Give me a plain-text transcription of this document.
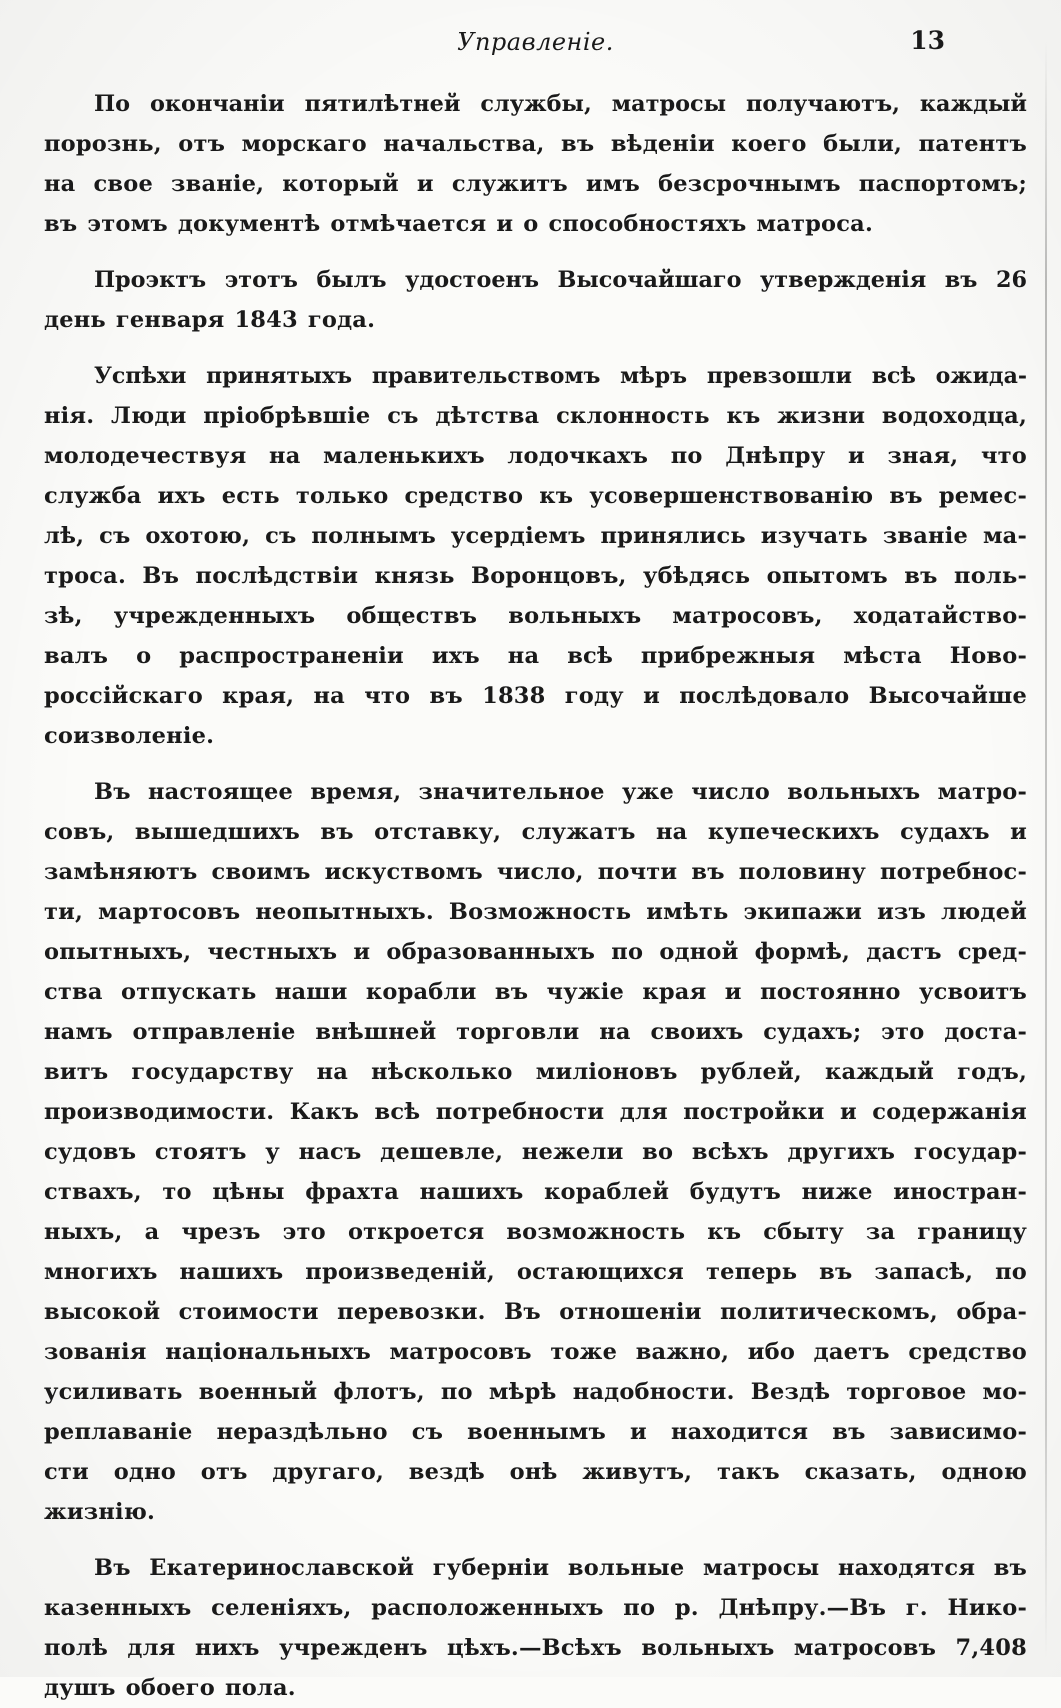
Управленіе.	13

По окончаніи пятилѣтней службы, матросы получаютъ, каждый
порознь, отъ морскаго начальства, въ вѣденіи коего были, патентъ
на свое званіе, который и служитъ имъ безсрочнымъ паспортомъ;
въ этомъ документѣ отмѣчается и о способностяхъ матроса.

Проэктъ этотъ былъ удостоенъ Высочайшаго утвержденія въ 26
день генваря 1843 года.

Успѣхи принятыхъ правительствомъ мѣръ превзошли всѣ ожида-
нія. Люди пріобрѣвшіе съ дѣтства склонность къ жизни водоходца,
молодечествуя на маленькихъ лодочкахъ по Днѣпру и зная, что
служба ихъ есть только средство къ усовершенствованію въ ремес-
лѣ, съ охотою, съ полнымъ усердіемъ принялись изучать званіе ма-
троса. Въ послѣдствіи князь Воронцовъ, убѣдясь опытомъ въ поль-
зѣ, учрежденныхъ обществъ вольныхъ матросовъ, ходатайство-
валъ о распространеніи ихъ на всѣ прибрежныя мѣста Ново-
россійскаго края, на что въ 1838 году и послѣдовало Высочайше
соизволеніе.

Въ настоящее время, значительное уже число вольныхъ матро-
совъ, вышедшихъ въ отставку, служатъ на купеческихъ судахъ и
замѣняютъ своимъ искуствомъ число, почти въ половину потребнос-
ти, мартосовъ неопытныхъ. Возможность имѣть экипажи изъ людей
опытныхъ, честныхъ и образованныхъ по одной формѣ, дастъ сред-
ства отпускать наши корабли въ чужіе края и постоянно усвоитъ
намъ отправленіе внѣшней торговли на своихъ судахъ; это доста-
витъ государству на нѣсколько миліоновъ рублей, каждый годъ,
производимости. Какъ всѣ потребности для постройки и содержанія
судовъ стоятъ у насъ дешевле, нежели во всѣхъ другихъ государ-
ствахъ, то цѣны фрахта нашихъ кораблей будутъ ниже иностран-
ныхъ, а чрезъ это откроется возможность къ сбыту за границу
многихъ нашихъ произведеній, остающихся теперь въ запасѣ, по
высокой стоимости перевозки. Въ отношеніи политическомъ, обра-
зованія національныхъ матросовъ тоже важно, ибо даетъ средство
усиливать военный флотъ, по мѣрѣ надобности. Вездѣ торговое мо-
реплаваніе нераздѣльно съ военнымъ и находится въ зависимо-
сти одно отъ другаго, вездѣ онѣ живутъ, такъ сказать, одною
жизнію.

Въ Екатеринославской губерніи вольные матросы находятся въ
казенныхъ селеніяхъ, расположенныхъ по р. Днѣпру.—Въ г. Нико-
полѣ для нихъ учрежденъ цѣхъ.—Всѣхъ вольныхъ матросовъ 7,408
душъ обоего пола.
